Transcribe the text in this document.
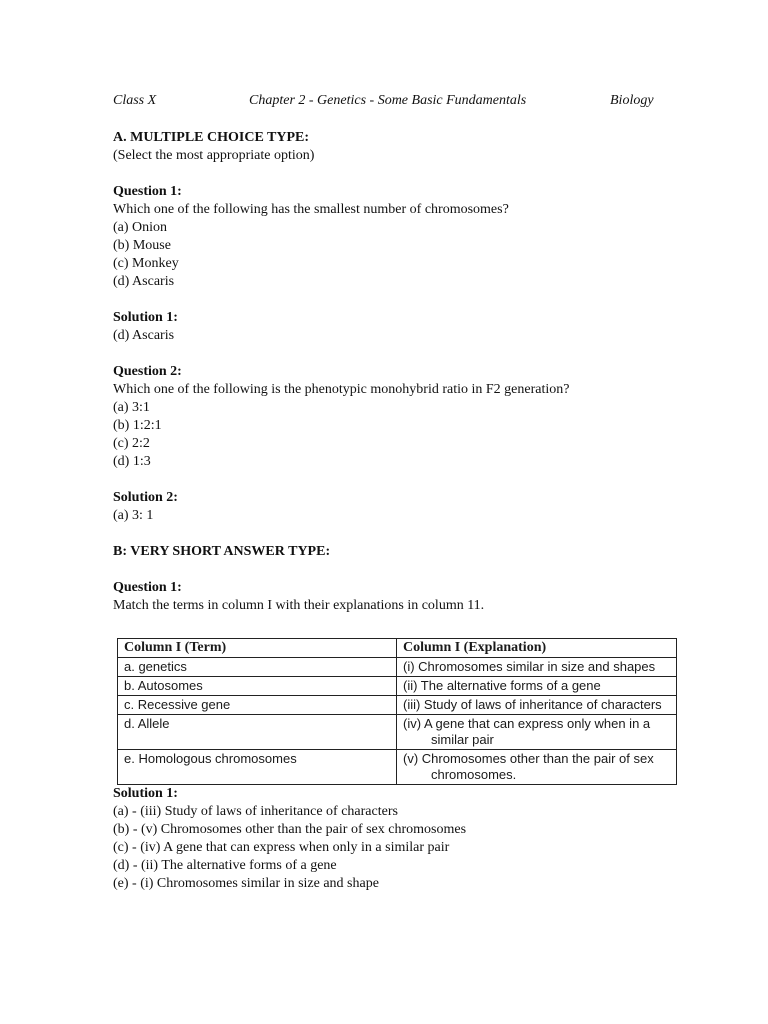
Class X	Chapter 2 - Genetics - Some Basic Fundamentals	Biology
A. MULTIPLE CHOICE TYPE:
(Select the most appropriate option)
Question 1:
Which one of the following has the smallest number of chromosomes?
(a) Onion
(b) Mouse
(c) Monkey
(d) Ascaris
Solution 1:
(d) Ascaris
Question 2:
Which one of the following is the phenotypic monohybrid ratio in F2 generation?
(a) 3:1
(b) 1:2:1
(c) 2:2
(d) 1:3
Solution 2:
(a) 3: 1
B: VERY SHORT ANSWER TYPE:
Question 1:
Match the terms in column I with their explanations in column 11.
Column I (Term)	Column I (Explanation)
a. genetics	(i) Chromosomes similar in size and shapes
b. Autosomes	(ii) The alternative forms of a gene
c. Recessive gene	(iii) Study of laws of inheritance of characters
d. Allele	(iv) A gene that can express only when in a
similar pair
e. Homologous chromosomes	(v) Chromosomes other than the pair of sex
chromosomes.
Solution 1:
(a) - (iii) Study of laws of inheritance of characters
(b) - (v) Chromosomes other than the pair of sex chromosomes
(c) - (iv) A gene that can express when only in a similar pair
(d) - (ii) The alternative forms of a gene
(e) - (i) Chromosomes similar in size and shape
